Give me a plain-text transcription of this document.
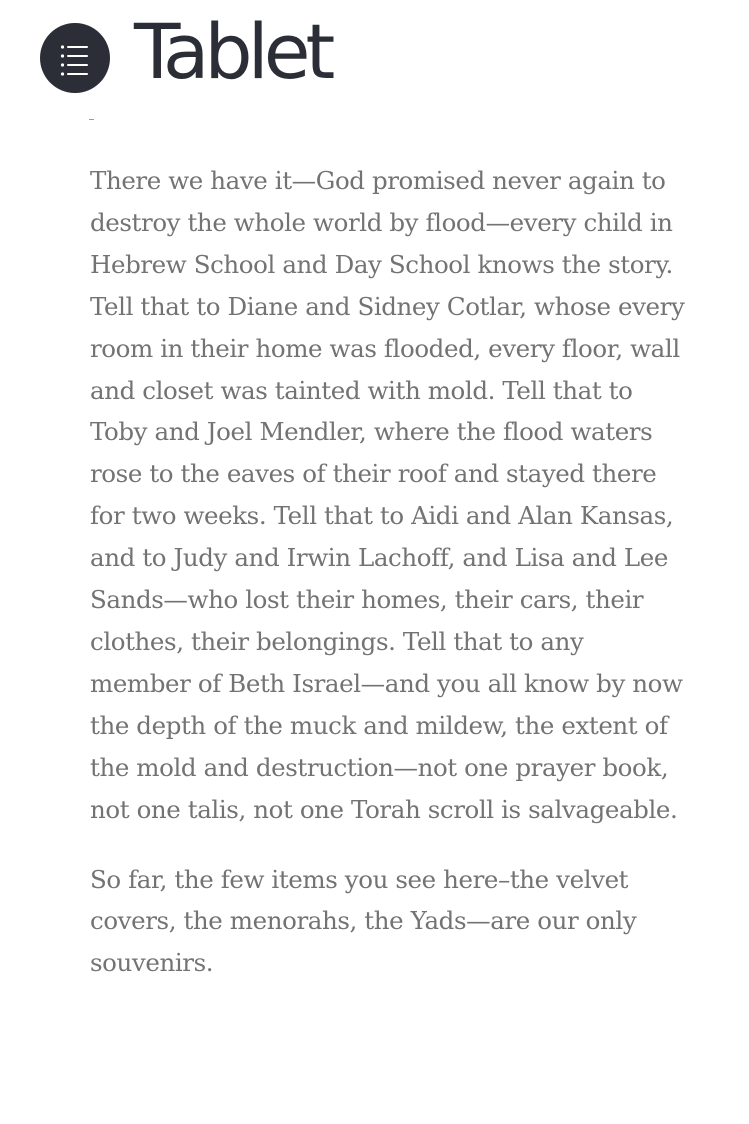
Tablet

There we have it—God promised never again to destroy the whole world by flood—every child in Hebrew School and Day School knows the story. Tell that to Diane and Sidney Cotlar, whose every room in their home was flooded, every floor, wall and closet was tainted with mold. Tell that to Toby and Joel Mendler, where the flood waters rose to the eaves of their roof and stayed there for two weeks. Tell that to Aidi and Alan Kansas, and to Judy and Irwin Lachoff, and Lisa and Lee Sands—who lost their homes, their cars, their clothes, their belongings. Tell that to any member of Beth Israel—and you all know by now the depth of the muck and mildew, the extent of the mold and destruction—not one prayer book, not one talis, not one Torah scroll is salvageable.

So far, the few items you see here–the velvet covers, the menorahs, the Yads—are our only souvenirs.
